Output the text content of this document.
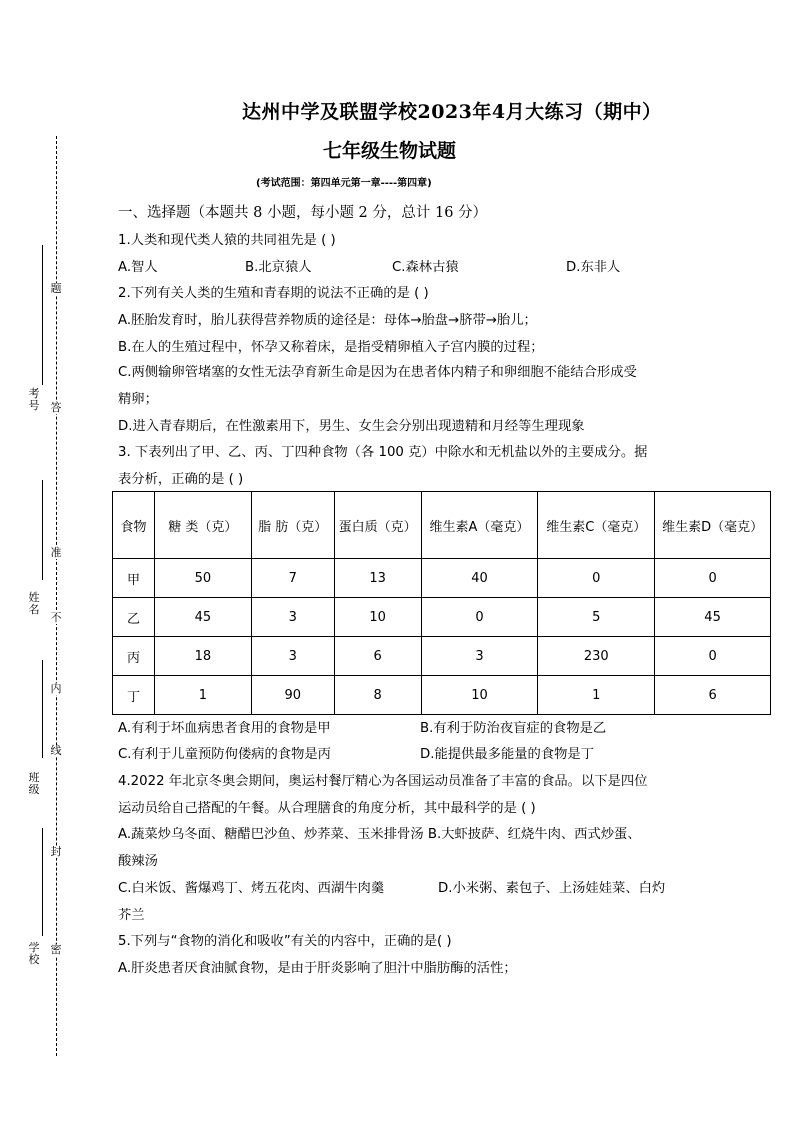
考号
姓名
班级
学校
题
答
准
不
内
线
封
密
达州中学及联盟学校2023年4月大练习（期中）
七年级生物试题
(考试范围：第四单元第一章----第四章)
一、选择题（本题共 8 小题，每小题 2 分，总计 16 分）
1.人类和现代类人猿的共同祖先是 ( )
A.智人	B.北京猿人	C.森林古猿	D.东非人
2.下列有关人类的生殖和青春期的说法不正确的是 ( )
A.胚胎发育时，胎儿获得营养物质的途径是：母体→胎盘→脐带→胎儿；
B.在人的生殖过程中，怀孕又称着床，是指受精卵植入子宫内膜的过程；
C.两侧输卵管堵塞的女性无法孕育新生命是因为在患者体内精子和卵细胞不能结合形成受
精卵；
D.进入青春期后，在性激素用下，男生、女生会分别出现遗精和月经等生理现象
3. 下表列出了甲、乙、丙、丁四种食物（各 100 克）中除水和无机盐以外的主要成分。据
表分析，正确的是 ( )
食物	糖 类（克）	脂 肪（克）	蛋白质（克）	维生素A（毫克）	维生素C（毫克）	维生素D（毫克）
甲	50	7	13	40	0	0
乙	45	3	10	0	5	45
丙	18	3	6	3	230	0
丁	1	90	8	10	1	6
A.有利于坏血病患者食用的食物是甲	B.有利于防治夜盲症的食物是乙
C.有利于儿童预防佝偻病的食物是丙	D.能提供最多能量的食物是丁
4.2022 年北京冬奥会期间，奥运村餐厅精心为各国运动员准备了丰富的食品。以下是四位
运动员给自己搭配的午餐。从合理膳食的角度分析，其中最科学的是 ( )
A.蔬菜炒乌冬面、糖醋巴沙鱼、炒荞菜、玉米排骨汤 B.大虾披萨、红烧牛肉、西式炒蛋、
酸辣汤
C.白米饭、酱爆鸡丁、烤五花肉、西湖牛肉羹	D.小米粥、素包子、上汤娃娃菜、白灼
芥兰
5.下列与“食物的消化和吸收”有关的内容中，正确的是( )
A.肝炎患者厌食油腻食物，是由于肝炎影响了胆汁中脂肪酶的活性；
